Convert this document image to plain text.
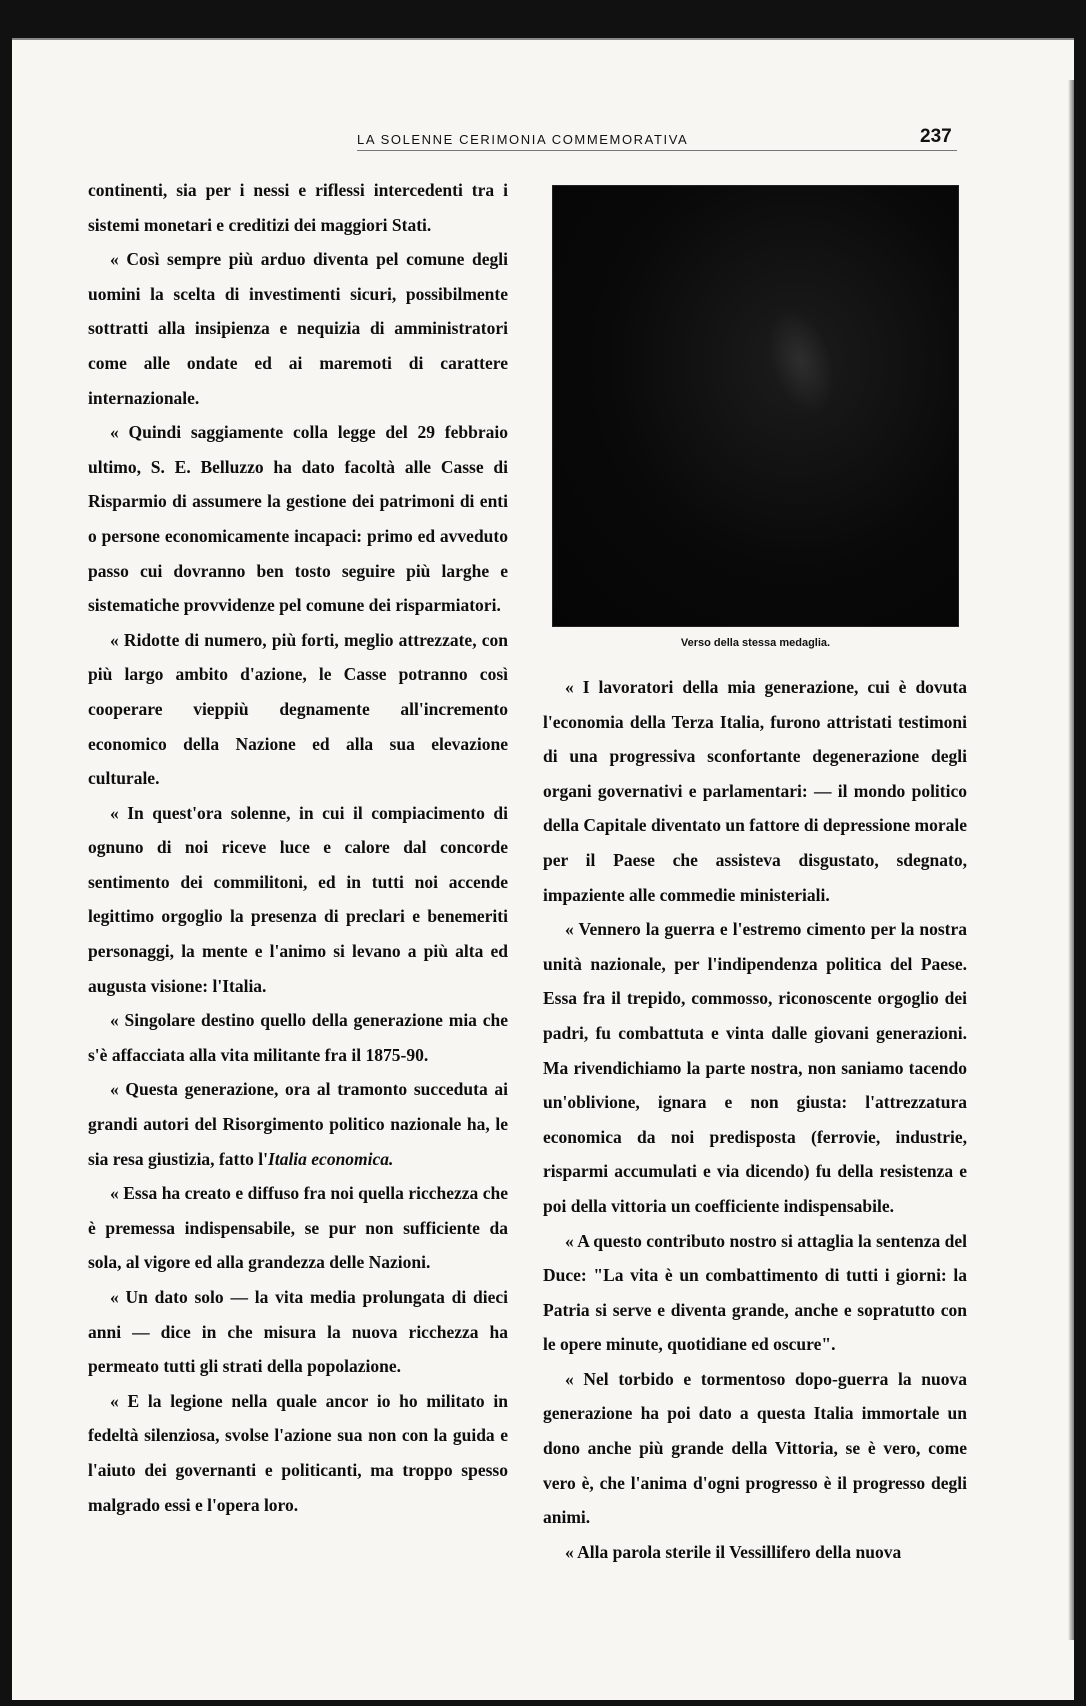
LA SOLENNE CERIMONIA COMMEMORATIVA	237

continenti, sia per i nessi e riflessi intercedenti tra i sistemi monetari e creditizi dei maggiori Stati.

« Così sempre più arduo diventa pel comune degli uomini la scelta di investimenti sicuri, possibilmente sottratti alla insipienza e nequizia di amministratori come alle ondate ed ai maremoti di carattere internazionale.

« Quindi saggiamente colla legge del 29 febbraio ultimo, S. E. Belluzzo ha dato facoltà alle Casse di Risparmio di assumere la gestione dei patrimoni di enti o persone economicamente incapaci: primo ed avveduto passo cui dovranno ben tosto seguire più larghe e sistematiche provvidenze pel comune dei risparmiatori.

« Ridotte di numero, più forti, meglio attrezzate, con più largo ambito d'azione, le Casse potranno così cooperare vieppiù degnamente all'incremento economico della Nazione ed alla sua elevazione culturale.

« In quest'ora solenne, in cui il compiacimento di ognuno di noi riceve luce e calore dal concorde sentimento dei commilitoni, ed in tutti noi accende legittimo orgoglio la presenza di preclari e benemeriti personaggi, la mente e l'animo si levano a più alta ed augusta visione: l'Italia.

« Singolare destino quello della generazione mia che s'è affacciata alla vita militante fra il 1875-90.

« Questa generazione, ora al tramonto succeduta ai grandi autori del Risorgimento politico nazionale ha, le sia resa giustizia, fatto l'Italia economica.

« Essa ha creato e diffuso fra noi quella ricchezza che è premessa indispensabile, se pur non sufficiente da sola, al vigore ed alla grandezza delle Nazioni.

« Un dato solo — la vita media prolungata di dieci anni — dice in che misura la nuova ricchezza ha permeato tutti gli strati della popolazione.

« E la legione nella quale ancor io ho militato in fedeltà silenziosa, svolse l'azione sua non con la guida e l'aiuto dei governanti e politicanti, ma troppo spesso malgrado essi e l'opera loro.

Verso della stessa medaglia.

« I lavoratori della mia generazione, cui è dovuta l'economia della Terza Italia, furono attristati testimoni di una progressiva sconfortante degenerazione degli organi governativi e parlamentari: — il mondo politico della Capitale diventato un fattore di depressione morale per il Paese che assisteva disgustato, sdegnato, impaziente alle commedie ministeriali.

« Vennero la guerra e l'estremo cimento per la nostra unità nazionale, per l'indipendenza politica del Paese. Essa fra il trepido, commosso, riconoscente orgoglio dei padri, fu combattuta e vinta dalle giovani generazioni. Ma rivendichiamo la parte nostra, non saniamo tacendo un'oblivione, ignara e non giusta: l'attrezzatura economica da noi predisposta (ferrovie, industrie, risparmi accumulati e via dicendo) fu della resistenza e poi della vittoria un coefficiente indispensabile.

« A questo contributo nostro si attaglia la sentenza del Duce: "La vita è un combattimento di tutti i giorni: la Patria si serve e diventa grande, anche e sopratutto con le opere minute, quotidiane ed oscure".

« Nel torbido e tormentoso dopo-guerra la nuova generazione ha poi dato a questa Italia immortale un dono anche più grande della Vittoria, se è vero, come vero è, che l'anima d'ogni progresso è il progresso degli animi.

« Alla parola sterile il Vessillifero della nuova
